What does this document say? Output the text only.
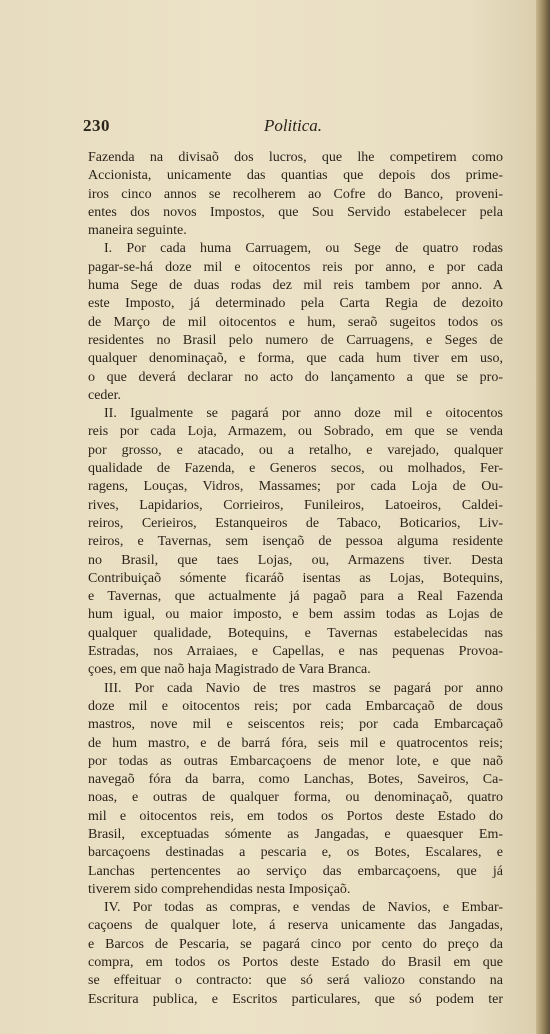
230	Politica.
Fazenda na divisaõ dos lucros, que lhe competirem como
Accionista, unicamente das quantias que depois dos prime-
iros cinco annos se recolherem ao Cofre do Banco, proveni-
entes dos novos Impostos, que Sou Servido estabelecer pela
maneira seguinte.
I. Por cada huma Carruagem, ou Sege de quatro rodas
pagar-se-há doze mil e oitocentos reis por anno, e por cada
huma Sege de duas rodas dez mil reis tambem por anno. A
este Imposto, já determinado pela Carta Regia de dezoito
de Março de mil oitocentos e hum, seraõ sugeitos todos os
residentes no Brasil pelo numero de Carruagens, e Seges de
qualquer denominaçaõ, e forma, que cada hum tiver em uso,
o que deverá declarar no acto do lançamento a que se pro-
ceder.
II. Igualmente se pagará por anno doze mil e oitocentos
reis por cada Loja, Armazem, ou Sobrado, em que se venda
por grosso, e atacado, ou a retalho, e varejado, qualquer
qualidade de Fazenda, e Generos secos, ou molhados, Fer-
ragens, Louças, Vidros, Massames; por cada Loja de Ou-
rives, Lapidarios, Corrieiros, Funileiros, Latoeiros, Caldei-
reiros, Cerieiros, Estanqueiros de Tabaco, Boticarios, Liv-
reiros, e Tavernas, sem isençaõ de pessoa alguma residente
no Brasil, que taes Lojas, ou, Armazens tiver. Desta
Contribuiçaõ sómente ficaráõ isentas as Lojas, Botequins,
e Tavernas, que actualmente já pagaõ para a Real Fazenda
hum igual, ou maior imposto, e bem assim todas as Lojas de
qualquer qualidade, Botequins, e Tavernas estabelecidas nas
Estradas, nos Arraiaes, e Capellas, e nas pequenas Provoa-
çoes, em que naõ haja Magistrado de Vara Branca.
III. Por cada Navio de tres mastros se pagará por anno
doze mil e oitocentos reis; por cada Embarcaçaõ de dous
mastros, nove mil e seiscentos reis; por cada Embarcaçaõ
de hum mastro, e de barrá fóra, seis mil e quatrocentos reis;
por todas as outras Embarcaçoens de menor lote, e que naõ
navegaõ fóra da barra, como Lanchas, Botes, Saveiros, Ca-
noas, e outras de qualquer forma, ou denominaçaõ, quatro
mil e oitocentos reis, em todos os Portos deste Estado do
Brasil, exceptuadas sómente as Jangadas, e quaesquer Em-
barcaçoens destinadas a pescaria e, os Botes, Escalares, e
Lanchas pertencentes ao serviço das embarcaçoens, que já
tiverem sido comprehendidas nesta Imposiçaõ.
IV. Por todas as compras, e vendas de Navios, e Embar-
caçoens de qualquer lote, á reserva unicamente das Jangadas,
e Barcos de Pescaria, se pagará cinco por cento do preço da
compra, em todos os Portos deste Estado do Brasil em que
se effeituar o contracto: que só será valiozo constando na
Escritura publica, e Escritos particulares, que só podem ter
